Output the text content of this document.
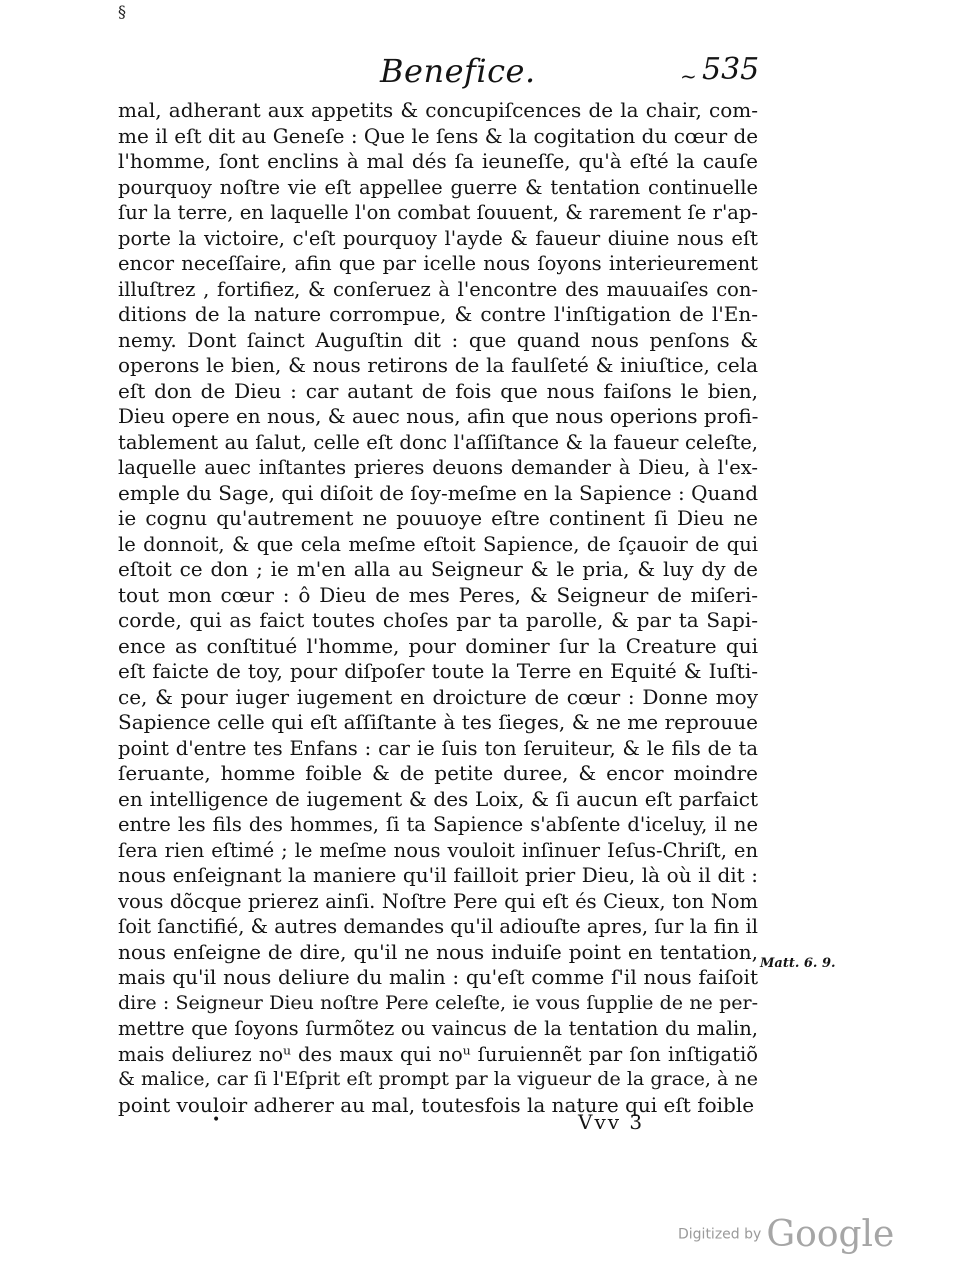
§
Benefice.	~ 535
mal, adherant aux appetits & concupiſcences de la chair, com-
me il eſt dit au Geneſe : Que le ſens & la cogitation du cœur de
l'homme, ſont enclins à mal dés ſa ieuneſſe, qu'à eſté la cauſe
pourquoy noſtre vie eſt appellee guerre & tentation continuelle
ſur la terre, en laquelle l'on combat ſouuent, & rarement ſe r'ap-
porte la victoire, c'eſt pourquoy l'ayde & faueur diuine nous eſt
encor neceſſaire, afin que par icelle nous ſoyons interieurement
illuſtrez , fortifiez, & conſeruez à l'encontre des mauuaiſes con-
ditions de la nature corrompue, & contre l'inſtigation de l'En-
nemy. Dont ſainct Auguſtin dit : que quand nous penſons &
operons le bien, & nous retirons de la faulſeté & iniuſtice, cela
eſt don de Dieu : car autant de fois que nous faiſons le bien,
Dieu opere en nous, & auec nous, afin que nous operions profi-
tablement au ſalut, celle eſt donc l'aſſiſtance & la faueur celeſte,
laquelle auec inſtantes prieres deuons demander à Dieu, à l'ex-
emple du Sage, qui diſoit de ſoy-meſme en la Sapience : Quand
ie cognu qu'autrement ne pouuoye eſtre continent ſi Dieu ne
le donnoit, & que cela meſme eſtoit Sapience, de ſçauoir de qui
eſtoit ce don ; ie m'en alla au Seigneur & le pria, & luy dy de
tout mon cœur : ô Dieu de mes Peres, & Seigneur de miſeri-
corde, qui as faict toutes choſes par ta parolle, & par ta Sapi-
ence as conſtitué l'homme, pour dominer ſur la Creature qui
eſt faicte de toy, pour diſpoſer toute la Terre en Equité & Iuſti-
ce, & pour iuger iugement en droicture de cœur : Donne moy
Sapience celle qui eſt aſſiſtante à tes ſieges, & ne me reprouue
point d'entre tes Enfans : car ie ſuis ton ſeruiteur, & le fils de ta
ſeruante, homme foible & de petite duree, & encor moindre
en intelligence de iugement & des Loix, & ſi aucun eſt parfaict
entre les fils des hommes, ſi ta Sapience s'abſente d'iceluy, il ne
ſera rien eſtimé ; le meſme nous vouloit inſinuer Ieſus-Chriſt, en
nous enſeignant la maniere qu'il failloit prier Dieu, là où il dit :
vous dõcque prierez ainſi. Noſtre Pere qui eſt és Cieux, ton Nom
ſoit ſanctifié, & autres demandes qu'il adiouſte apres, ſur la fin il
nous enſeigne de dire, qu'il ne nous induiſe point en tentation,
mais qu'il nous deliure du malin : qu'eſt comme ſ'il nous faiſoit
dire : Seigneur Dieu noſtre Pere celeſte, ie vous ſupplie de ne per-
mettre que ſoyons ſurmõtez ou vaincus de la tentation du malin,
mais deliurez noᵘ des maux qui noᵘ ſuruiennẽt par ſon inſtigatiõ
& malice, car ſi l'Eſprit eſt prompt par la vigueur de la grace, à ne
point vouloir adherer au mal, toutesfois la nature qui eſt foible
Matt. 6. 9.
•	Vvv 3
Digitized by Google
